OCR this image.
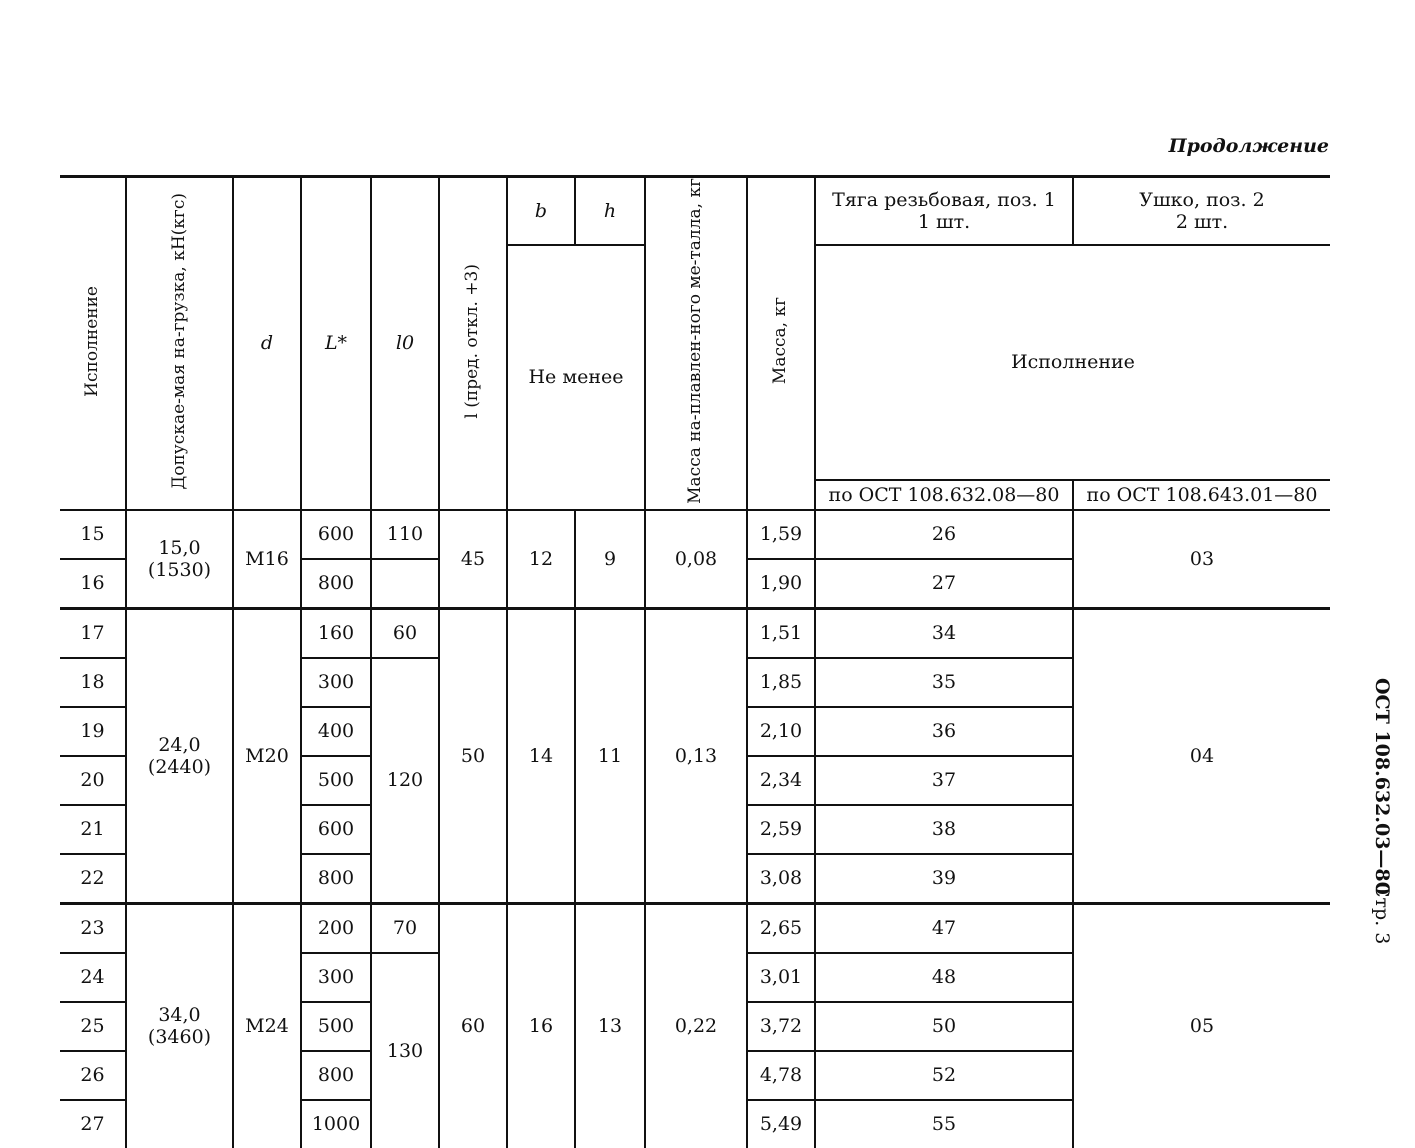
Продолжение
Исполнение	Допускае-мая на-грузка, кН(кгс)	d	L*	l0	l (пред. откл. +3)	b	h	Масса на-плавлен-ного ме-талла, кг	Масса, кг	Тяга резьбовая, поз. 1
1 шт.	Ушко, поз. 2
2 шт.
						Не менее				Исполнение	
										по ОСТ 108.632.08—80	по ОСТ 108.643.01—80
15	15,0
(1530)	M16	600	110	45	12	9	0,08	1,59	26	03
16			800						1,90	27	
17	24,0
(2440)	M20	160	60	50	14	11	0,13	1,51	34	04
18			300	120					1,85	35	
19			400						2,10	36	
20			500						2,34	37	
21			600						2,59	38	
22			800						3,08	39	
23	34,0
(3460)	M24	200	70	60	16	13	0,22	2,65	47	05
24			300	130					3,01	48	
25			500						3,72	50	
26			800						4,78	52	
27			1000						5,49	55	
ОСТ 108.632.03—80
Стр. 3
